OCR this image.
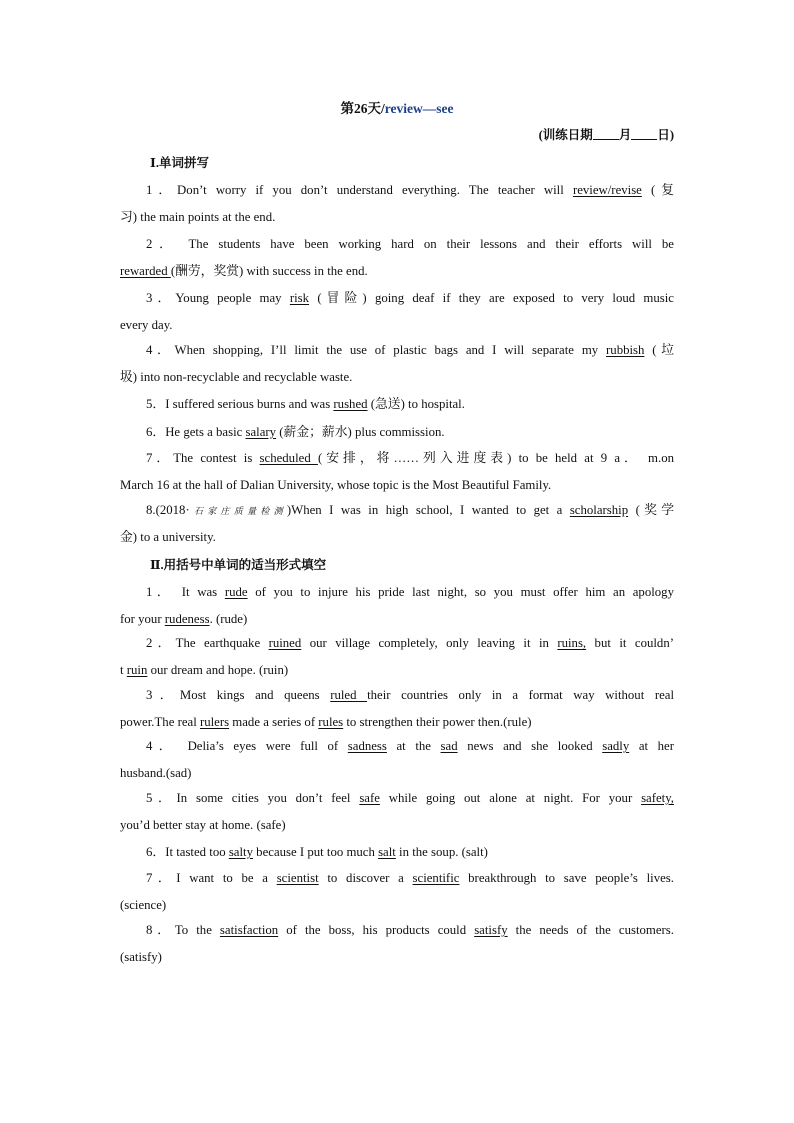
第26天/review—see
(训练日期 月 日)
Ⅰ.单词拼写
1．Don’t worry if you don’t understand everything. The teacher will review/revise (复
习) the main points at the end.
2． The students have been working hard on their lessons and their efforts will be
rewarded (酬劳，奖赏) with success in the end.
3．Young people may risk (冒险) going deaf if they are exposed to very loud music
every day.
4．When shopping, I’ll limit the use of plastic bags and I will separate my rubbish (垃
圾) into non-recyclable and recyclable waste.
5．I suffered serious burns and was rushed (急送) to hospital.
6．He gets a basic salary (薪金；薪水) plus commission.
7．The contest is scheduled (安排，将……列入进度表) to be held at 9 a． m.on
March 16 at the hall of Dalian University, whose topic is the Most Beautiful Family.
8.(2018·石家庄质量检测)When I was in high school, I wanted to get a scholarship (奖学
金) to a university.
Ⅱ.用括号中单词的适当形式填空
1． It was rude of you to injure his pride last night, so you must offer him an apology
for your rudeness. (rude)
2．The earthquake ruined our village completely, only leaving it in ruins, but it couldn’
t ruin our dream and hope. (ruin)
3．Most kings and queens ruled their countries only in a format way without real
power.The real rulers made a series of rules to strengthen their power then.(rule)
4． Delia’s eyes were full of sadness at the sad news and she looked sadly at her
husband.(sad)
5．In some cities you don’t feel safe while going out alone at night. For your safety,
you’d better stay at home. (safe)
6．It tasted too salty because I put too much salt in the soup. (salt)
7．I want to be a scientist to discover a scientific breakthrough to save people’s lives.
(science)
8．To the satisfaction of the boss, his products could satisfy the needs of the customers.
(satisfy)
